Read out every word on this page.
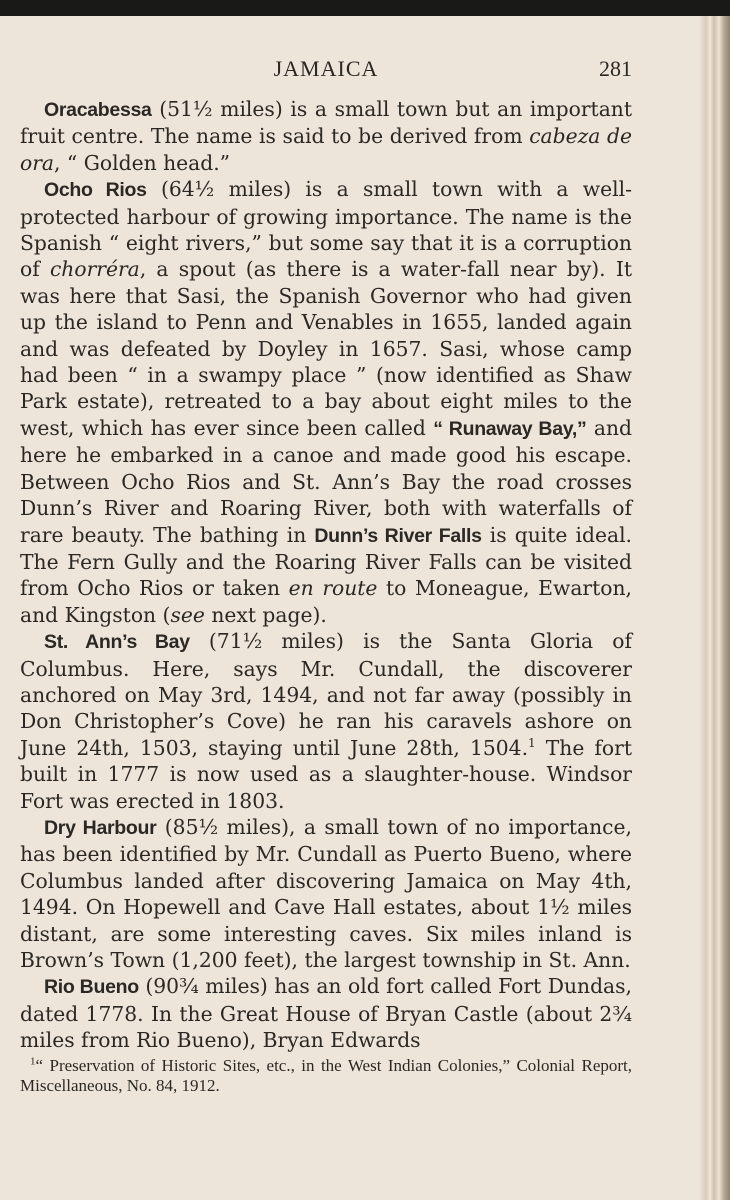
JAMAICA	281

Oracabessa (51½ miles) is a small town but an important fruit centre. The name is said to be derived from cabeza de ora, “ Golden head.”

Ocho Rios (64½ miles) is a small town with a well-protected harbour of growing importance. The name is the Spanish “ eight rivers,” but some say that it is a corruption of chorréra, a spout (as there is a water-fall near by). It was here that Sasi, the Spanish Governor who had given up the island to Penn and Venables in 1655, landed again and was defeated by Doyley in 1657. Sasi, whose camp had been “ in a swampy place ” (now identified as Shaw Park estate), retreated to a bay about eight miles to the west, which has ever since been called “ Runaway Bay,” and here he embarked in a canoe and made good his escape. Between Ocho Rios and St. Ann’s Bay the road crosses Dunn’s River and Roaring River, both with waterfalls of rare beauty. The bathing in Dunn’s River Falls is quite ideal. The Fern Gully and the Roaring River Falls can be visited from Ocho Rios or taken en route to Moneague, Ewarton, and Kingston (see next page).

St. Ann’s Bay (71½ miles) is the Santa Gloria of Columbus. Here, says Mr. Cundall, the discoverer anchored on May 3rd, 1494, and not far away (possibly in Don Christopher’s Cove) he ran his caravels ashore on June 24th, 1503, staying until June 28th, 1504.$^1$ The fort built in 1777 is now used as a slaughter-house. Windsor Fort was erected in 1803.

Dry Harbour (85½ miles), a small town of no importance, has been identified by Mr. Cundall as Puerto Bueno, where Columbus landed after discovering Jamaica on May 4th, 1494. On Hopewell and Cave Hall estates, about 1½ miles distant, are some interesting caves. Six miles inland is Brown’s Town (1,200 feet), the largest township in St. Ann.

Rio Bueno (90¾ miles) has an old fort called Fort Dundas, dated 1778. In the Great House of Bryan Castle (about 2¾ miles from Rio Bueno), Bryan Edwards

$^1$“ Preservation of Historic Sites, etc., in the West Indian Colonies,” Colonial Report, Miscellaneous, No. 84, 1912.
